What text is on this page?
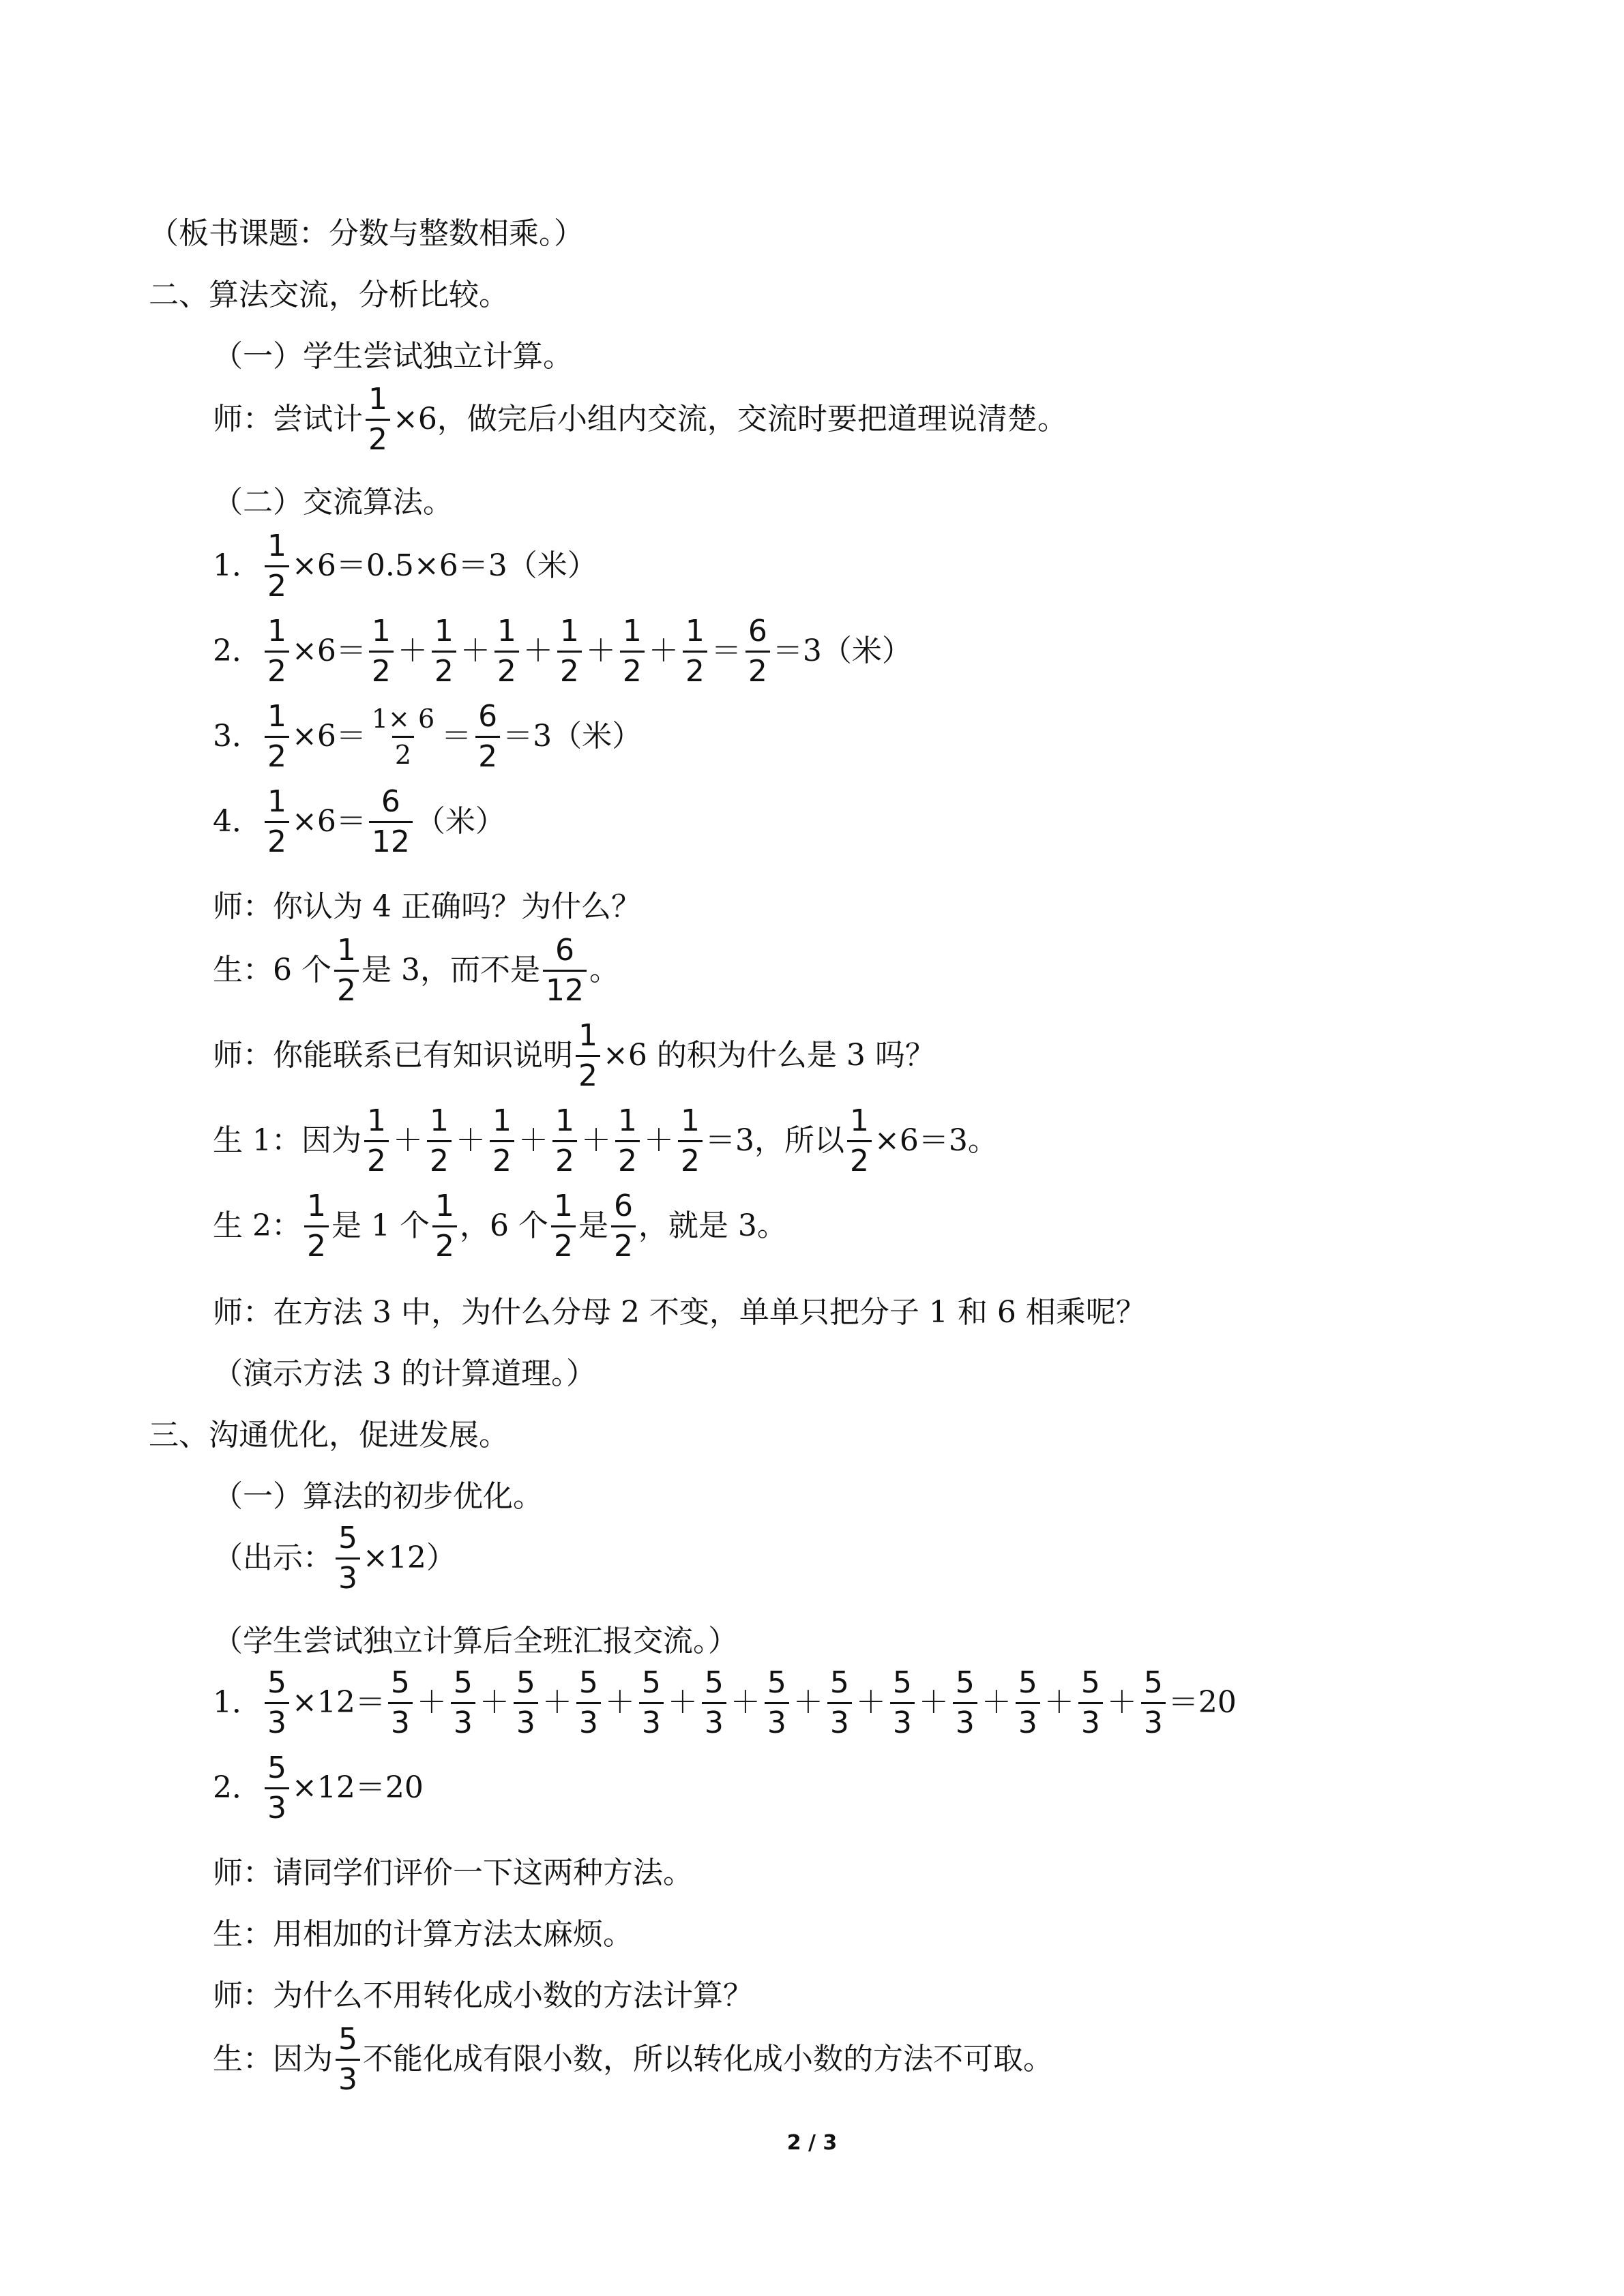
（板书课题：分数与整数相乘。）
二、算法交流，分析比较。
（一）学生尝试独立计算。
师：尝试计 $\frac{1}{2} \times 6$，做完后小组内交流，交流时要把道理说清楚。
（二）交流算法。
1． $\frac{1}{2} \times 6=0.5\times 6=3$（米）
2． $\frac{1}{2} \times 6= \frac{1}{2} + \frac{1}{2} + \frac{1}{2} + \frac{1}{2} + \frac{1}{2} + \frac{1}{2} = \frac{6}{2} =3$（米）
3． $\frac{1}{2} \times 6= \frac{1\times 6}{2} = \frac{6}{2} =3$（米）
4． $\frac{1}{2} \times 6= \frac{6}{12}$ （米）
师：你认为 4 正确吗？为什么？
生：6 个 $\frac{1}{2}$ 是 3，而不是 $\frac{6}{12}$ 。
师：你能联系已有知识说明 $\frac{1}{2} \times 6$ 的积为什么是 3 吗？
生 1：因为 $\frac{1}{2} + \frac{1}{2} + \frac{1}{2} + \frac{1}{2} + \frac{1}{2} + \frac{1}{2} =3$，所以 $\frac{1}{2} \times 6=3$。
生 2： $\frac{1}{2}$ 是 1 个 $\frac{1}{2}$ ，6 个 $\frac{1}{2}$ 是 $\frac{6}{2}$ ，就是 3。
师：在方法 3 中，为什么分母 2 不变，单单只把分子 1 和 6 相乘呢？
（演示方法 3 的计算道理。）
三、沟通优化，促进发展。
（一）算法的初步优化。
（出示： $\frac{5}{3} \times 12$）
（学生尝试独立计算后全班汇报交流。）
1． $\frac{5}{3} \times 12= \frac{5}{3} + \frac{5}{3} + \frac{5}{3} + \frac{5}{3} + \frac{5}{3} + \frac{5}{3} + \frac{5}{3} + \frac{5}{3} + \frac{5}{3} + \frac{5}{3} + \frac{5}{3} + \frac{5}{3} + \frac{5}{3} =20$
2． $\frac{5}{3} \times 12=20$
师：请同学们评价一下这两种方法。
生：用相加的计算方法太麻烦。
师：为什么不用转化成小数的方法计算？
生：因为 $\frac{5}{3}$ 不能化成有限小数，所以转化成小数的方法不可取。
2 / 3
